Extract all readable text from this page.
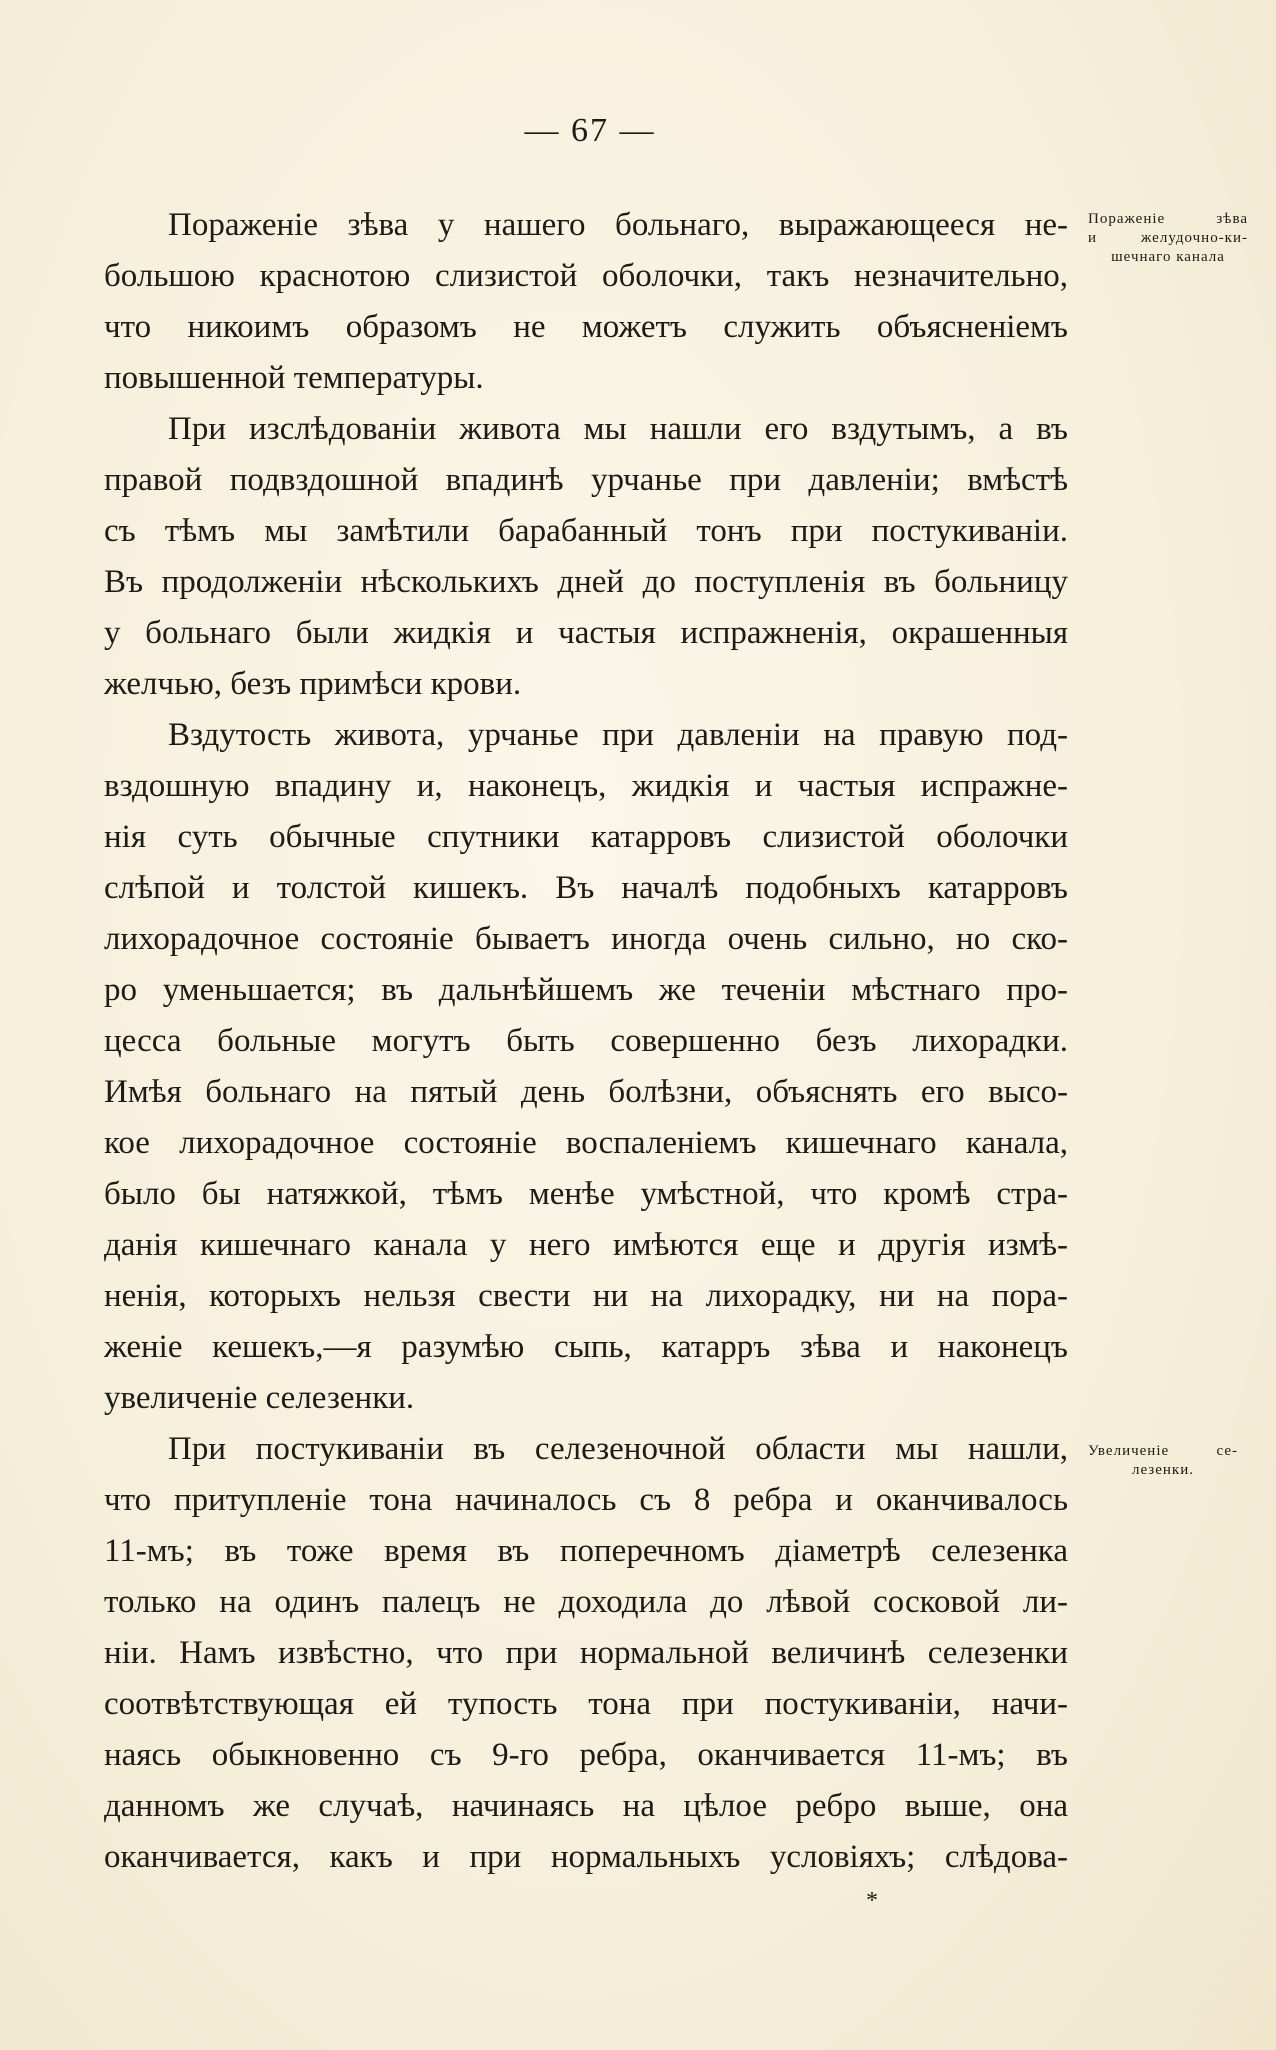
— 67 —

Пораженіе зѣва у нашего больнаго, выражающееся не-

большою краснотою слизистой оболочки, такъ незначительно,

что никоимъ образомъ не можетъ служить объясненіемъ

повышенной температуры.

При изслѣдованіи живота мы нашли его вздутымъ, а въ

правой подвздошной впадинѣ урчанье при давленіи; вмѣстѣ

съ тѣмъ мы замѣтили барабанный тонъ при постукиваніи.

Въ продолженіи нѣсколькихъ дней до поступленія въ больницу

у больнаго были жидкія и частыя испражненія, окрашенныя

желчью, безъ примѣси крови.

Вздутость живота, урчанье при давленіи на правую под-

вздошную впадину и, наконецъ, жидкія и частыя испражне-

нія суть обычные спутники катарровъ слизистой оболочки

слѣпой и толстой кишекъ. Въ началѣ подобныхъ катарровъ

лихорадочное состояніе бываетъ иногда очень сильно, но ско-

ро уменьшается; въ дальнѣйшемъ же теченіи мѣстнаго про-

цесса больные могутъ быть совершенно безъ лихорадки.

Имѣя больнаго на пятый день болѣзни, объяснять его высо-

кое лихорадочное состояніе воспаленіемъ кишечнаго канала,

было бы натяжкой, тѣмъ менѣе умѣстной, что кромѣ стра-

данія кишечнаго канала у него имѣются еще и другія измѣ-

ненія, которыхъ нельзя свести ни на лихорадку, ни на пора-

женіе кешекъ,—я разумѣю сыпь, катарръ зѣва и наконецъ

увеличеніе селезенки.

При постукиваніи въ селезеночной области мы нашли,

что притупленіе тона начиналось съ 8 ребра и оканчивалось

11-мъ; въ тоже время въ поперечномъ діаметрѣ селезенка

только на одинъ палецъ не доходила до лѣвой сосковой ли-

ніи. Намъ извѣстно, что при нормальной величинѣ селезенки

соотвѣтствующая ей тупость тона при постукиваніи, начи-

наясь обыкновенно съ 9-го ребра, оканчивается 11-мъ; въ

данномъ же случаѣ, начинаясь на цѣлое ребро выше, она

оканчивается, какъ и при нормальныхъ условіяхъ; слѣдова-

Пораженіе зѣва
и желудочно-ки-
шечнаго канала
Увеличеніе се-
лезенки.
*
